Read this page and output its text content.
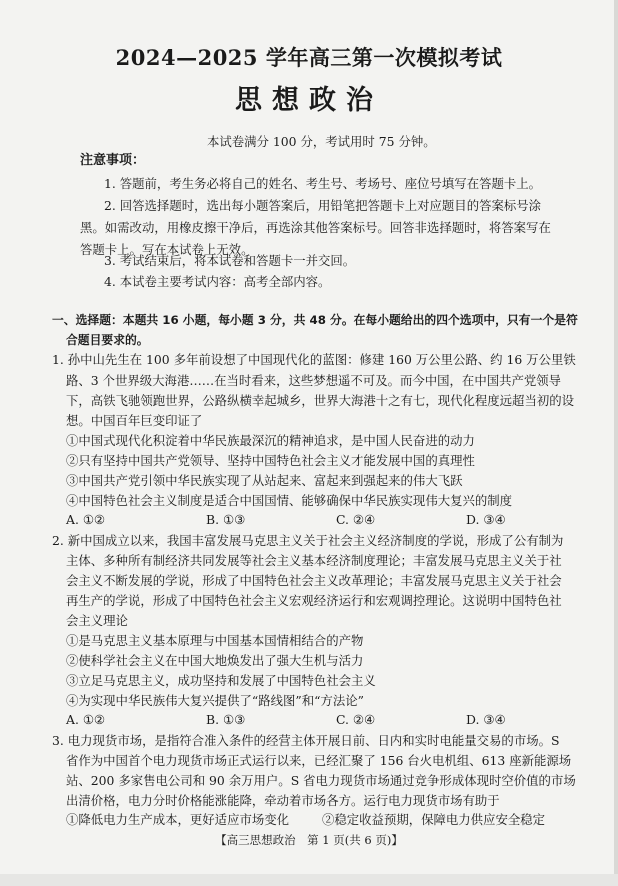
2024—2025 学年高三第一次模拟考试
思想政治
本试卷满分 100 分，考试用时 75 分钟。
注意事项：
1. 答题前，考生务必将自己的姓名、考生号、考场号、座位号填写在答题卡上。
2. 回答选择题时，选出每小题答案后，用铅笔把答题卡上对应题目的答案标号涂
黑。如需改动，用橡皮擦干净后，再选涂其他答案标号。回答非选择题时，将答案写在
答题卡上。写在本试卷上无效。
3. 考试结束后，将本试卷和答题卡一并交回。
4. 本试卷主要考试内容：高考全部内容。
一、选择题：本题共 16 小题，每小题 3 分，共 48 分。在每小题给出的四个选项中，只有一个是符
合题目要求的。
1. 孙中山先生在 100 多年前设想了中国现代化的蓝图：修建 160 万公里公路、约 16 万公里铁
路、3 个世界级大海港……在当时看来，这些梦想遥不可及。而今中国，在中国共产党领导
下，高铁飞驰领跑世界，公路纵横幸起城乡，世界大海港十之有七，现代化程度远超当初的设
想。中国百年巨变印证了
①中国式现代化积淀着中华民族最深沉的精神追求，是中国人民奋进的动力
②只有坚持中国共产党领导、坚持中国特色社会主义才能发展中国的真理性
③中国共产党引领中华民族实现了从站起来、富起来到强起来的伟大飞跃
④中国特色社会主义制度是适合中国国情、能够确保中华民族实现伟大复兴的制度
A. ①②	B. ①③	C. ②④	D. ③④
2. 新中国成立以来，我国丰富发展马克思主义关于社会主义经济制度的学说，形成了公有制为
主体、多种所有制经济共同发展等社会主义基本经济制度理论；丰富发展马克思主义关于社
会主义不断发展的学说，形成了中国特色社会主义改革理论；丰富发展马克思主义关于社会
再生产的学说，形成了中国特色社会主义宏观经济运行和宏观调控理论。这说明中国特色社
会主义理论
①是马克思主义基本原理与中国基本国情相结合的产物
②使科学社会主义在中国大地焕发出了强大生机与活力
③立足马克思主义，成功坚持和发展了中国特色社会主义
④为实现中华民族伟大复兴提供了“路线图”和“方法论”
A. ①②	B. ①③	C. ②④	D. ③④
3. 电力现货市场，是指符合准入条件的经营主体开展日前、日内和实时电能量交易的市场。S
省作为中国首个电力现货市场正式运行以来，已经汇聚了 156 台火电机组、613 座新能源场
站、200 多家售电公司和 90 余万用户。S 省电力现货市场通过竞争形成体现时空价值的市场
出清价格，电力分时价格能涨能降，牵动着市场各方。运行电力现货市场有助于
①降低电力生产成本，更好适应市场变化	②稳定收益预期，保障电力供应安全稳定
【高三思想政治　第 1 页(共 6 页)】
